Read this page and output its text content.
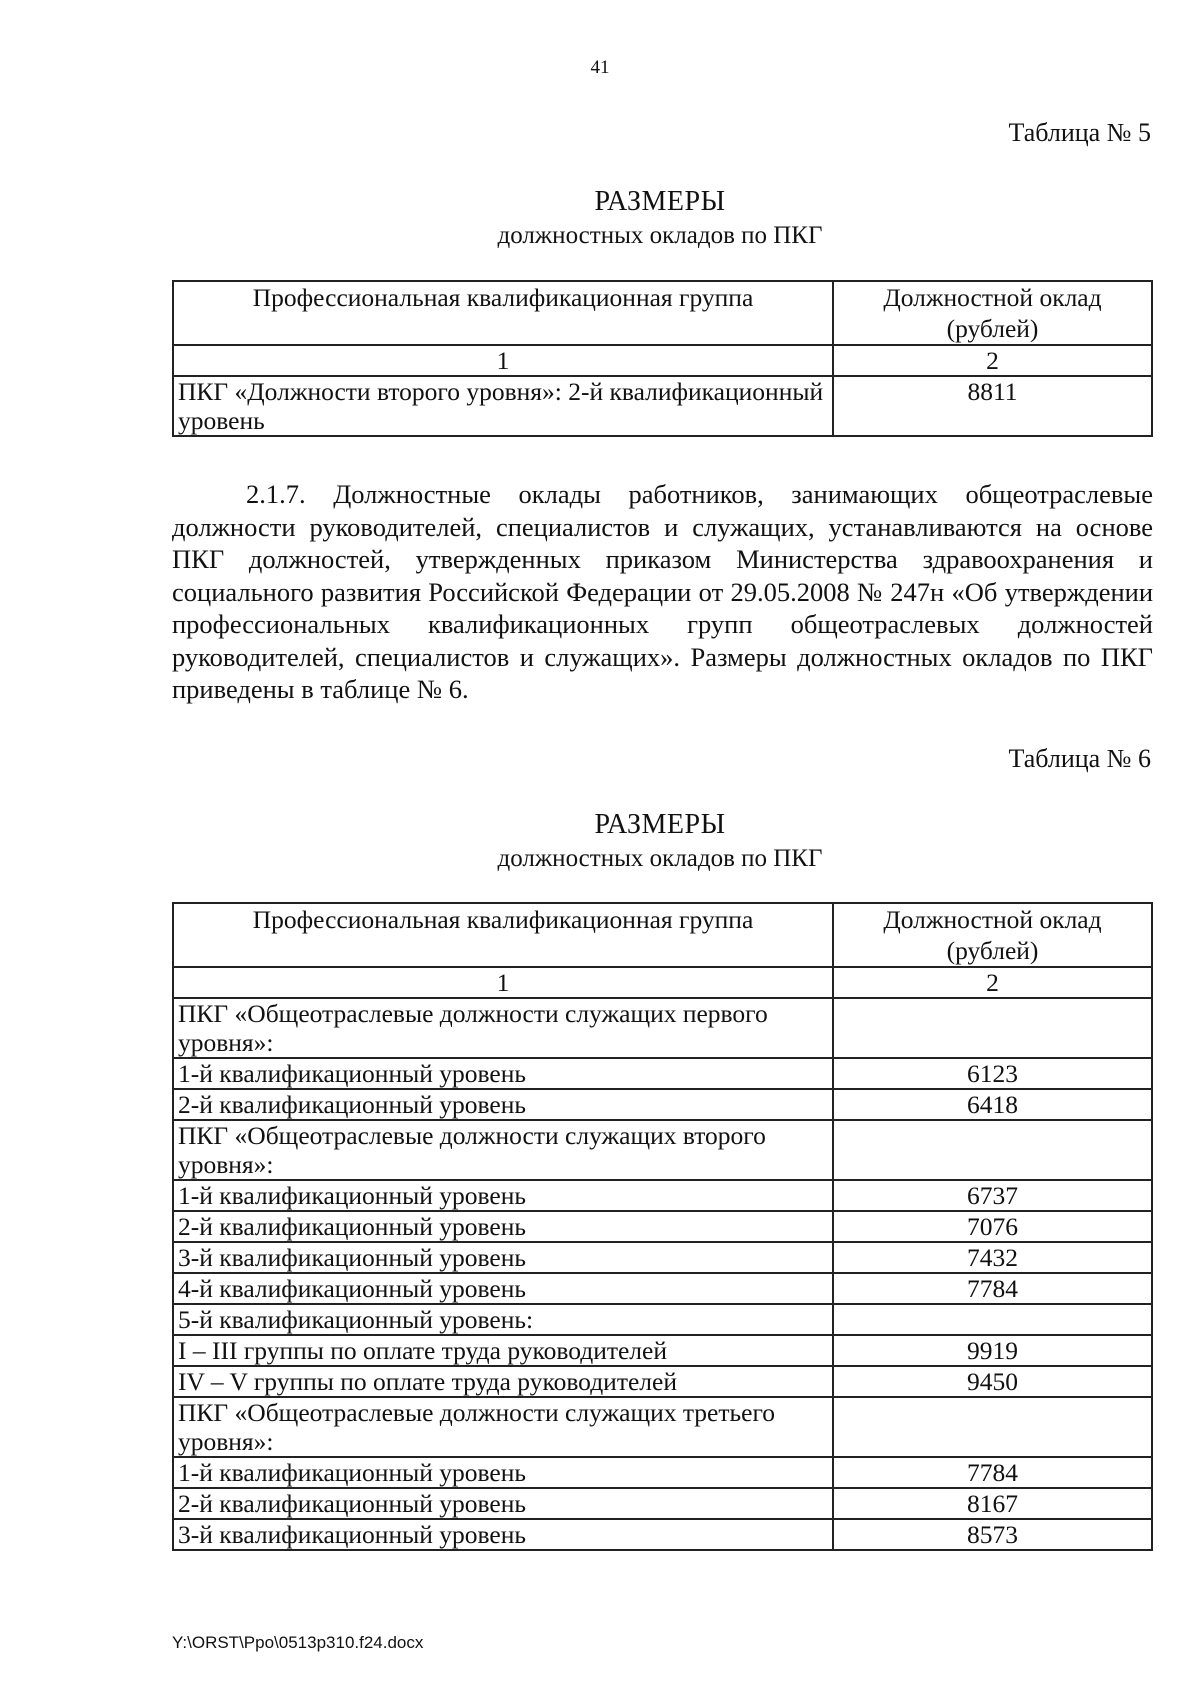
41
Таблица № 5
РАЗМЕРЫ
должностных окладов по ПКГ
Профессиональная квалификационная группа	Должностной оклад (рублей)
1	2
ПКГ «Должности второго уровня»: 2-й квалификационный уровень	8811

2.1.7. Должностные оклады работников, занимающих общеотраслевые должности руководителей, специалистов и служащих, устанавливаются на основе ПКГ должностей, утвержденных приказом Министерства здравоохранения и социального развития Российской Федерации от 29.05.2008 № 247н «Об утверждении профессиональных квалификационных групп общеотраслевых должностей руководителей, специалистов и служащих». Размеры должностных окладов по ПКГ приведены в таблице № 6.

Таблица № 6
РАЗМЕРЫ
должностных окладов по ПКГ
Профессиональная квалификационная группа	Должностной оклад (рублей)
1	2
ПКГ «Общеотраслевые должности служащих первого уровня»:	
1-й квалификационный уровень	6123
2-й квалификационный уровень	6418
ПКГ «Общеотраслевые должности служащих второго уровня»:	
1-й квалификационный уровень	6737
2-й квалификационный уровень	7076
3-й квалификационный уровень	7432
4-й квалификационный уровень	7784
5-й квалификационный уровень:	
I – III группы по оплате труда руководителей	9919
IV – V группы по оплате труда руководителей	9450
ПКГ «Общеотраслевые должности служащих третьего уровня»:	
1-й квалификационный уровень	7784
2-й квалификационный уровень	8167
3-й квалификационный уровень	8573
Y:\ORST\Ppo\0513p310.f24.docx
